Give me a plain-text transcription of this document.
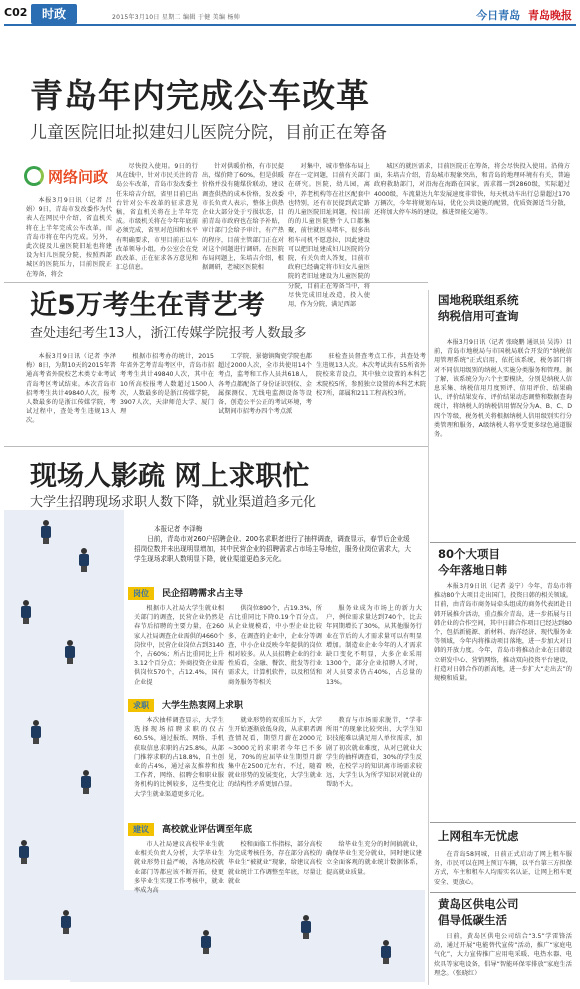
C02	时政	2015年3月10日 星期二 编辑 于健 美编 杨帅	今日青岛 青岛晚报
青岛年内完成公车改革
儿童医院旧址拟建妇儿医院分院，目前正在筹备
网络问政

本报3月9日讯（记者 吕娟）9日，青岛市发改委作为代表人在网民中介绍，省直机关将在上半年完成公车改革，而青岛市将在年内完成。另外，此次提及儿童医院旧址也将建设为妇儿医院分院，按照西部城区的医院压力，目前医院正在筹备，将会

尽快投入使用。9日的行风在线中，针对市民关注的青岛公车改革，青岛市发改委主任朱培吉介绍，省里目前已出台针对公车改革的征求意见稿，省直机关将在上半年完成。市级机关将在今年年底前必须完成，省里对范围和水平有明确要求，市里目前正以车改革领导小组，办公室会在党政改革、正在征求各方意见和汇总信息。

针对供暖价格，有市民提出，煤价降了60%，但是供暖价格并没有随煤价联动，建议调查供热的成本价格，发改委市长负责人表示，整体上供热企业大部分处于亏损状态，目前青岛市政府也在给予补贴，审计部门会给予审计，有产热的程序，目前主管部门正在对对这个问题进行调研。在医院布局问题上，朱培吉介绍，根据调研，老城区医院相

对集中，城市整体布局上存在一定问题，目前有关部门在研究。医院，幼儿园，离中，养老机构等在社区配套中也特别，还有市民提到武定路的儿童医院旧址问题，按目前的的儿童医院整个人口都集聚，前往就医易堵车，很多出租车司机不愿意拉，因此建设可以把旧址建成妇儿医院的分院，有关负责人答复，目前市政府已经确定将市妇女儿童医院的老旧址建设为儿童医院的分院，目前正在筹备当中，将尽快完成旧址改造，投入使用，作为分院，满足西部

城区的就医需求，目前医院正在筹备，将会尽快投入使用。沿倚方面，朱培吉介绍，青岛城市现象突出，和青岛的地理环境有有关，普遍政府救助部门，对沿海在海路在国家，需求都一到2860级，实际超过4000级，车流量达九年发展速度非常快，每天机动车出行总量超过170万辆次，今年将规划布局，优化公共设施的配置，优质资源适当分散，还将加大停车场的建设，推进智能交通等。

近5万考生在青艺考
查处违纪考生13人，浙江传媒学院报考人数最多

本报3月9日讯（记者 李泽梅）8日，为期10天的2015年普通高考省外院校艺术类专业考试青岛考区考试结束。本次青岛市招考考生共计49840人次，报考人数最多的是浙江传媒学院，考试过程中，查处考生违规13人次。

根据市招考办的统计，2015年省外艺考青岛考区中，青岛市招考考生共计49840人次，其中在10所高校报考人数超过1500人次，人数最多的是浙江传媒学院，3907人次，天津师范大学、厦门理

工学院、景德镇陶瓷学院也都超过2000人次，全市共使用14个考点，监考和工作人员共618人，各考点都配备了身份证识别仪、金属探测仪、无线电监测设备等设备，创造公平公正的考试环境，考试期间市招考办四个考点派

驻检查员督查考点工作，共查处考生违规13人次。本次考试共有55所省外院校来青设点，其中独立设置的本科艺术院校5所，参照独立设置的本科艺术院校7所，部属和211工程高校3所。

现场人影疏 网上求职忙
大学生招聘现场求职人数下降，就业渠道趋多元化
本报记者 李泽梅

日前，青岛市对260户招聘企业、200名求职者进行了抽样调查，调查显示，春节后企业缓招岗位数并未出现明显增加，其中民营企业的招聘需求占市场主导地位，服务业岗位需求大，大学生现场求职人数明显下降，就业渠道更趋多元化。

岗位 民企招聘需求占主导

根据市人社局大学生就业相关部门的调查，民营企业仍然是春节后招聘的主要力量，在260家人社局调查企业需供的4660个岗位中，民营企业岗位占到3140个，占60%；所占比重同比上升3.12个百分点；外商投资企业需供岗位570个，占12.4%，国有企业提

供岗位890个，占19.3%，所占比重同比下降0.19个百分点。从企业规模看，中小型企业比较多，在调查的企业中，企业分等调查，中小企业反映今年提供的岗位相对较多。从人员招聘企业的行业性质看，金融、餐饮、批发等行业需求大，计算机软件，以及租赁和商务服务等相关

服务业成为市场上的新力大户，例位需求量达到740个，比去年同期增长了30%，从其他服务行业在节后的人才需求量可以有明显增加。制造业企业今年的人才需求缺口变化不明显，大多企业采用1300个，部分企业招聘人才时，对人员要求仍占40%，占总量的13%。

求职 大学生热衷网上求职

本次抽样调查显示，大学生选择现场招聘求职的仅占60.5%，通过报纸、网络、手机获取信息求职的占25.8%，从部门推荐求职的占18.8%，自主创业的占4%，通过亲友推荐和找工作者，网络、招聘会和职业服务机构的比例较多，这些变化让大学生就业渠道更多元化。

就业形势的双重压力下，大学生开始逐渐放低身段，从求职者调查情况看，期望月薪在2000元~3000元的求职者今年已不多见，70%的应届毕业生期望月薪集中在2500元左右，不过，随着就业形势的发展变化，大学生就业的结构性矛盾更加凸显。

教育与市场需求脱节，“学非所用”的现象比较突出，大学生知识技能难以满足用人单位需求，加剧了初次就业难度，从对已就业大学生的抽样调查看，30%的学生反映，在校学习的知识离市场需求较远，大学生认为所学知识对就业的帮助不大。

建议 高校就业评估调至年底

市人社局建议高校毕业生就业相关负责人分析，大学毕业生就业形势日益严峻，各地高校就业部门等都应该不断开拓，使更多毕业生实现工作考核中，就业率成为高

校和面临工作指标，部分高校为完成考核任务，存在部分高校的毕业生“被就业”现象，给建议高校就业统计工作调整至年底，尽量让就业

给毕业生充分的时间搞就业，确保毕业生充分就业，同时建议建立全面客观的就业统计数据体系，提高就业质量。

国地税联组系统
纳税信用可查询

本报3月9日讯（记者 张晓鹏 通讯员 吴涛）目前，青岛市地税局与市国税局联合开发的“纳税信用管理系统”正式启用，依托该系统，税务部门将对不同信用级别的纳税人实施分类服务和管理。据了解，该系统分为六个主要模块，分别是纳税人信息采集、纳税信用月度预评、信用评价、结果确认、评价结果发布、评价结果动态调整和数据查询统计，将纳税人的纳税信用情况分为A、B、C、D四个等级，税务机关将根据纳税人信用级别实行分类管理和服务，A级纳税人将享受更多绿色通道服务。

80个大项目
今年落地日韩

本报3月9日讯（记者 姜宁）今年，青岛市将推动80个大项目走出国门，投资日韩的相关领域。目前，由青岛市商务局牵头组成的商务代表团赴日韩开展推介活动，重点推介青岛，进一步拓展与日韩企业的合作空间，其中日韩合作项目已经达到80个，包括新能源、新材料、海洋经济、现代服务业等领域，今年内将推动项目落地，进一步加大对日韩的开放力度。今年，青岛市将推动企业在日韩设立研发中心、营销网络，推动双向投资平台建设，打造对日韩合作的新高地，进一步扩大“走出去”的规模和质量。

上网租车无忧虑

在青岛58同城，日前正式启动了网上租车服务，市民可以在网上预订车辆，以平台第三方担保方式，车主和租车人均需实名认证，让网上租车更安全、更放心。

黄岛区供电公司
倡导低碳生活

日前，黄岛区供电公司结合“3.5”学雷锋活动，通过开展“电能替代宣传”活动，推广“家庭电气化”，大力宣传推广应用电采暖、电热水器、电炊具等家电设备，倡导“智能环保零排放”家庭生活理念。（张晓红）
